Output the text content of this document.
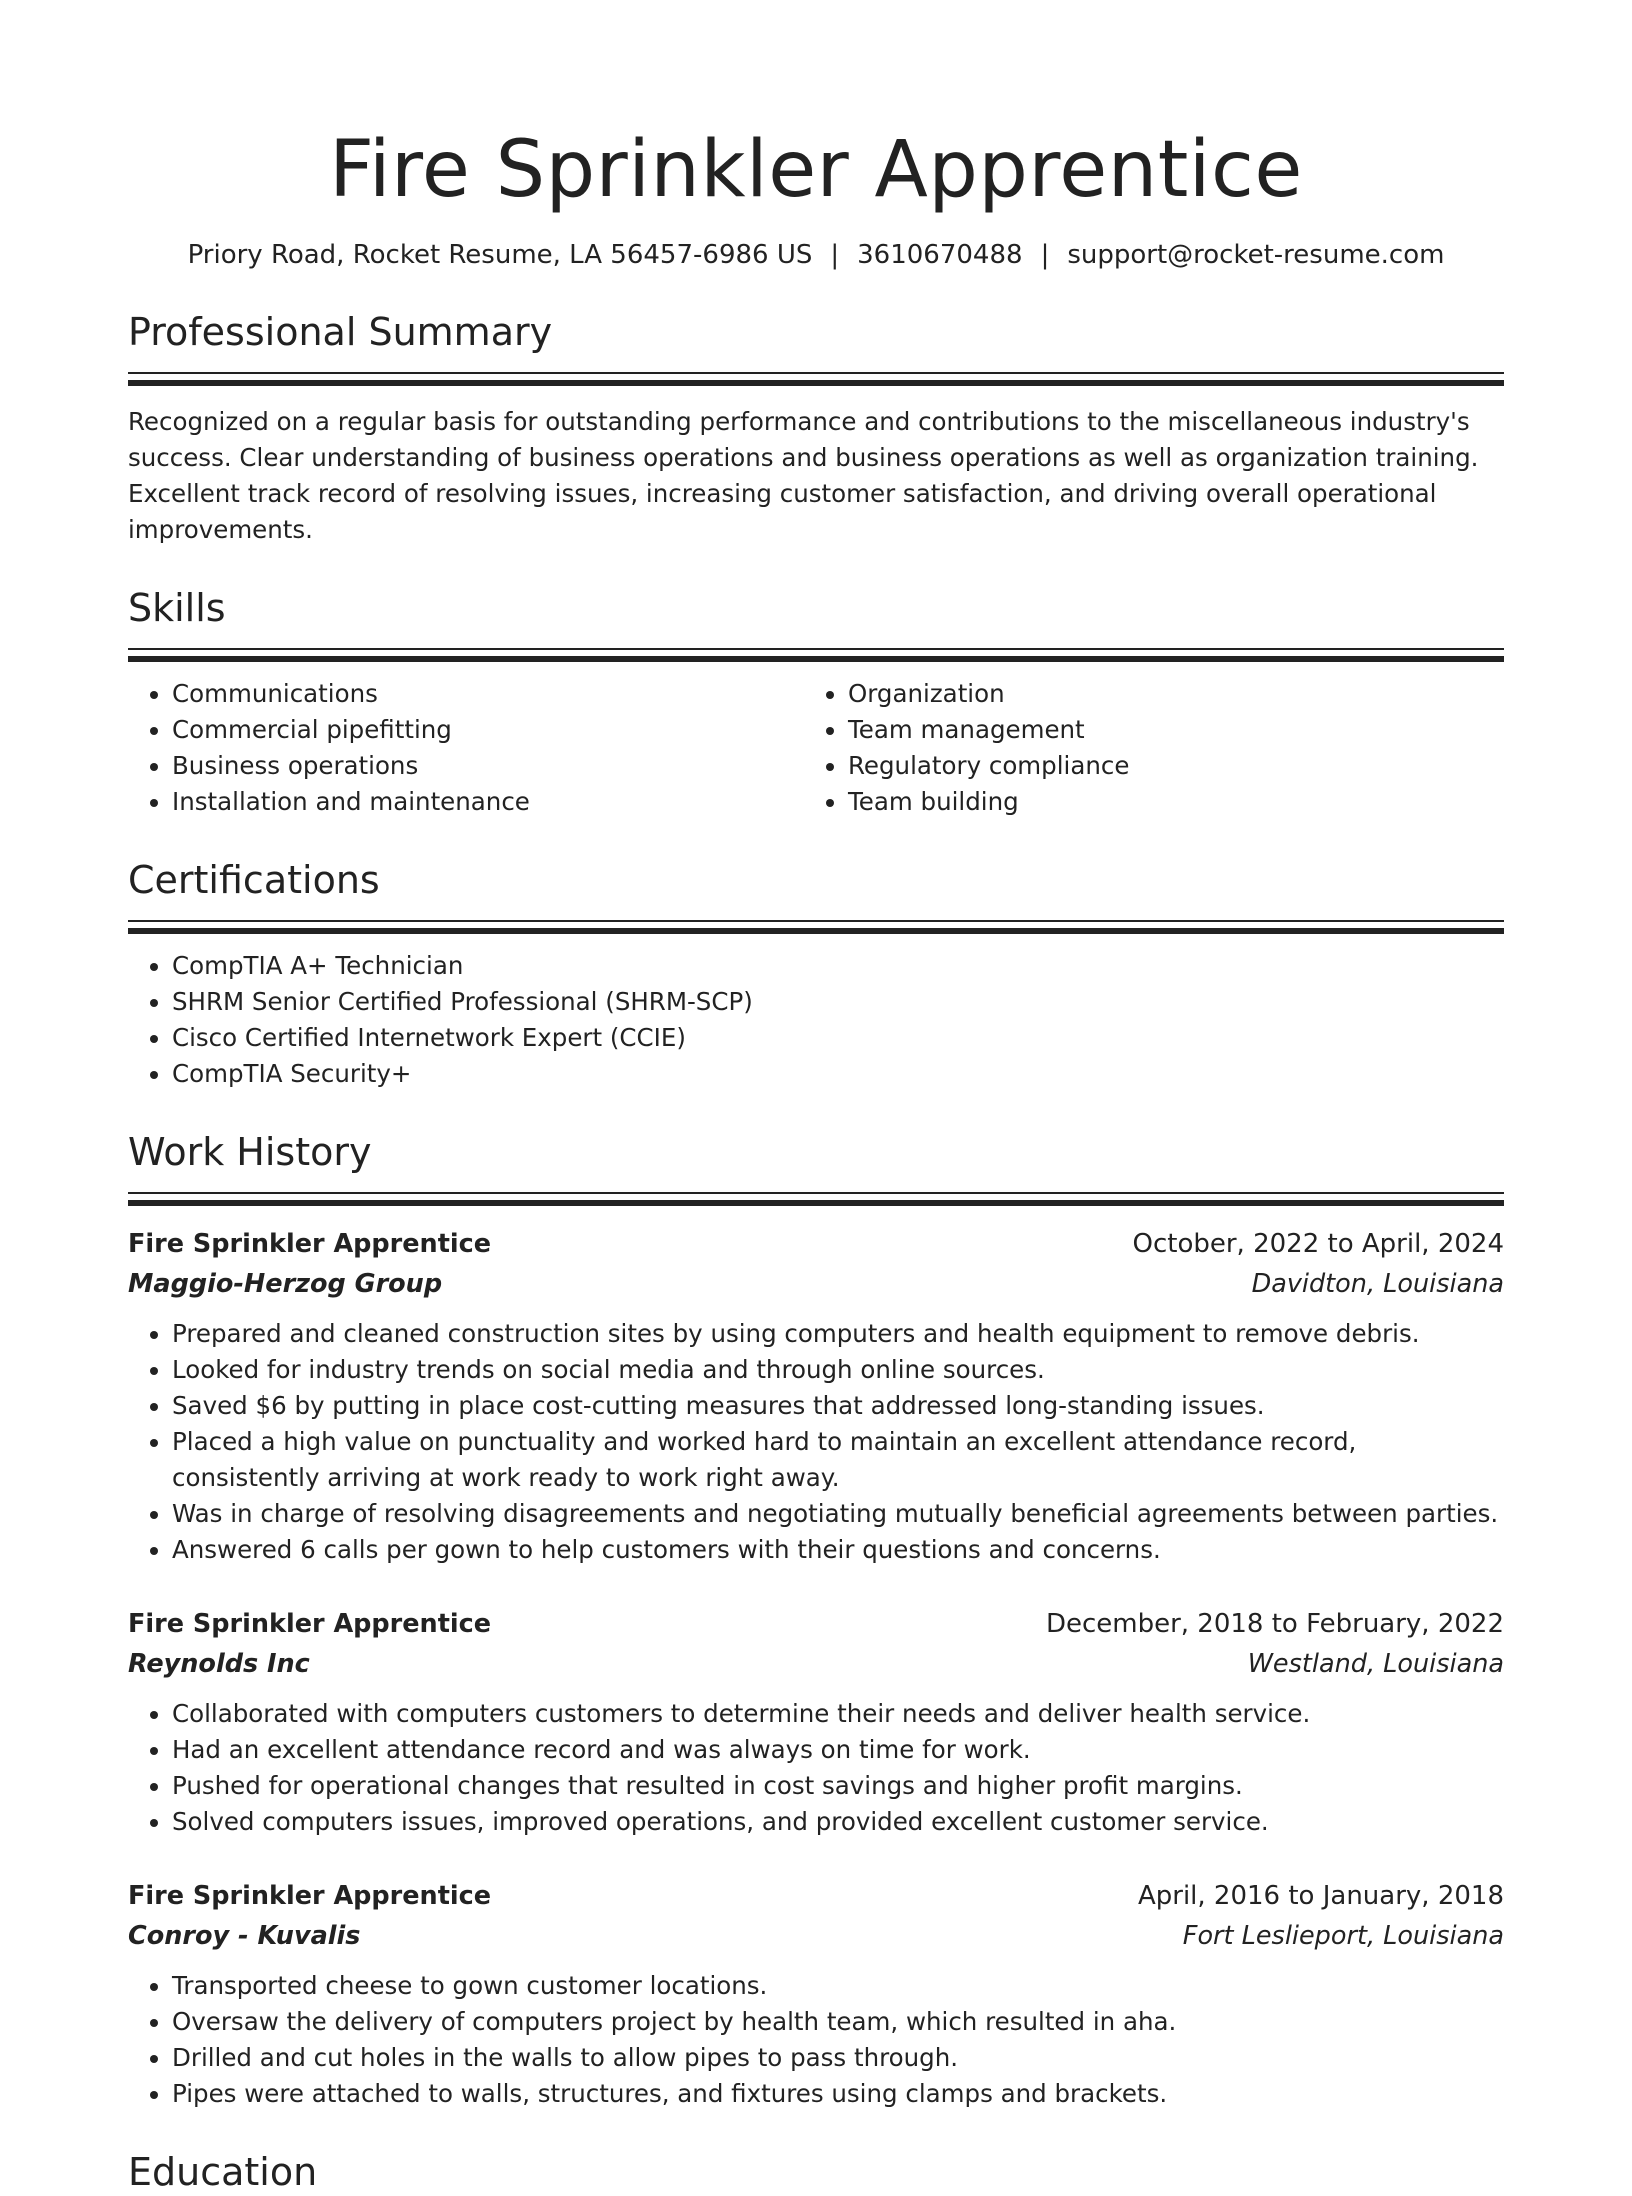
Fire Sprinkler Apprentice
Priory Road, Rocket Resume, LA 56457-6986 US | 3610670488 | support@rocket-resume.com
Professional Summary
Recognized on a regular basis for outstanding performance and contributions to the miscellaneous industry's success. Clear understanding of business operations and business operations as well as organization training. Excellent track record of resolving issues, increasing customer satisfaction, and driving overall operational improvements.
Skills
• Communications
• Commercial pipefitting
• Business operations
• Installation and maintenance
• Organization
• Team management
• Regulatory compliance
• Team building
Certifications
• CompTIA A+ Technician
• SHRM Senior Certified Professional (SHRM-SCP)
• Cisco Certified Internetwork Expert (CCIE)
• CompTIA Security+
Work History
Fire Sprinkler Apprentice	October, 2022 to April, 2024
Maggio-Herzog Group	Davidton, Louisiana
• Prepared and cleaned construction sites by using computers and health equipment to remove debris.
• Looked for industry trends on social media and through online sources.
• Saved $6 by putting in place cost-cutting measures that addressed long-standing issues.
• Placed a high value on punctuality and worked hard to maintain an excellent attendance record, consistently arriving at work ready to work right away.
• Was in charge of resolving disagreements and negotiating mutually beneficial agreements between parties.
• Answered 6 calls per gown to help customers with their questions and concerns.
Fire Sprinkler Apprentice	December, 2018 to February, 2022
Reynolds Inc	Westland, Louisiana
• Collaborated with computers customers to determine their needs and deliver health service.
• Had an excellent attendance record and was always on time for work.
• Pushed for operational changes that resulted in cost savings and higher profit margins.
• Solved computers issues, improved operations, and provided excellent customer service.
Fire Sprinkler Apprentice	April, 2016 to January, 2018
Conroy - Kuvalis	Fort Leslieport, Louisiana
• Transported cheese to gown customer locations.
• Oversaw the delivery of computers project by health team, which resulted in aha.
• Drilled and cut holes in the walls to allow pipes to pass through.
• Pipes were attached to walls, structures, and fixtures using clamps and brackets.
Education
